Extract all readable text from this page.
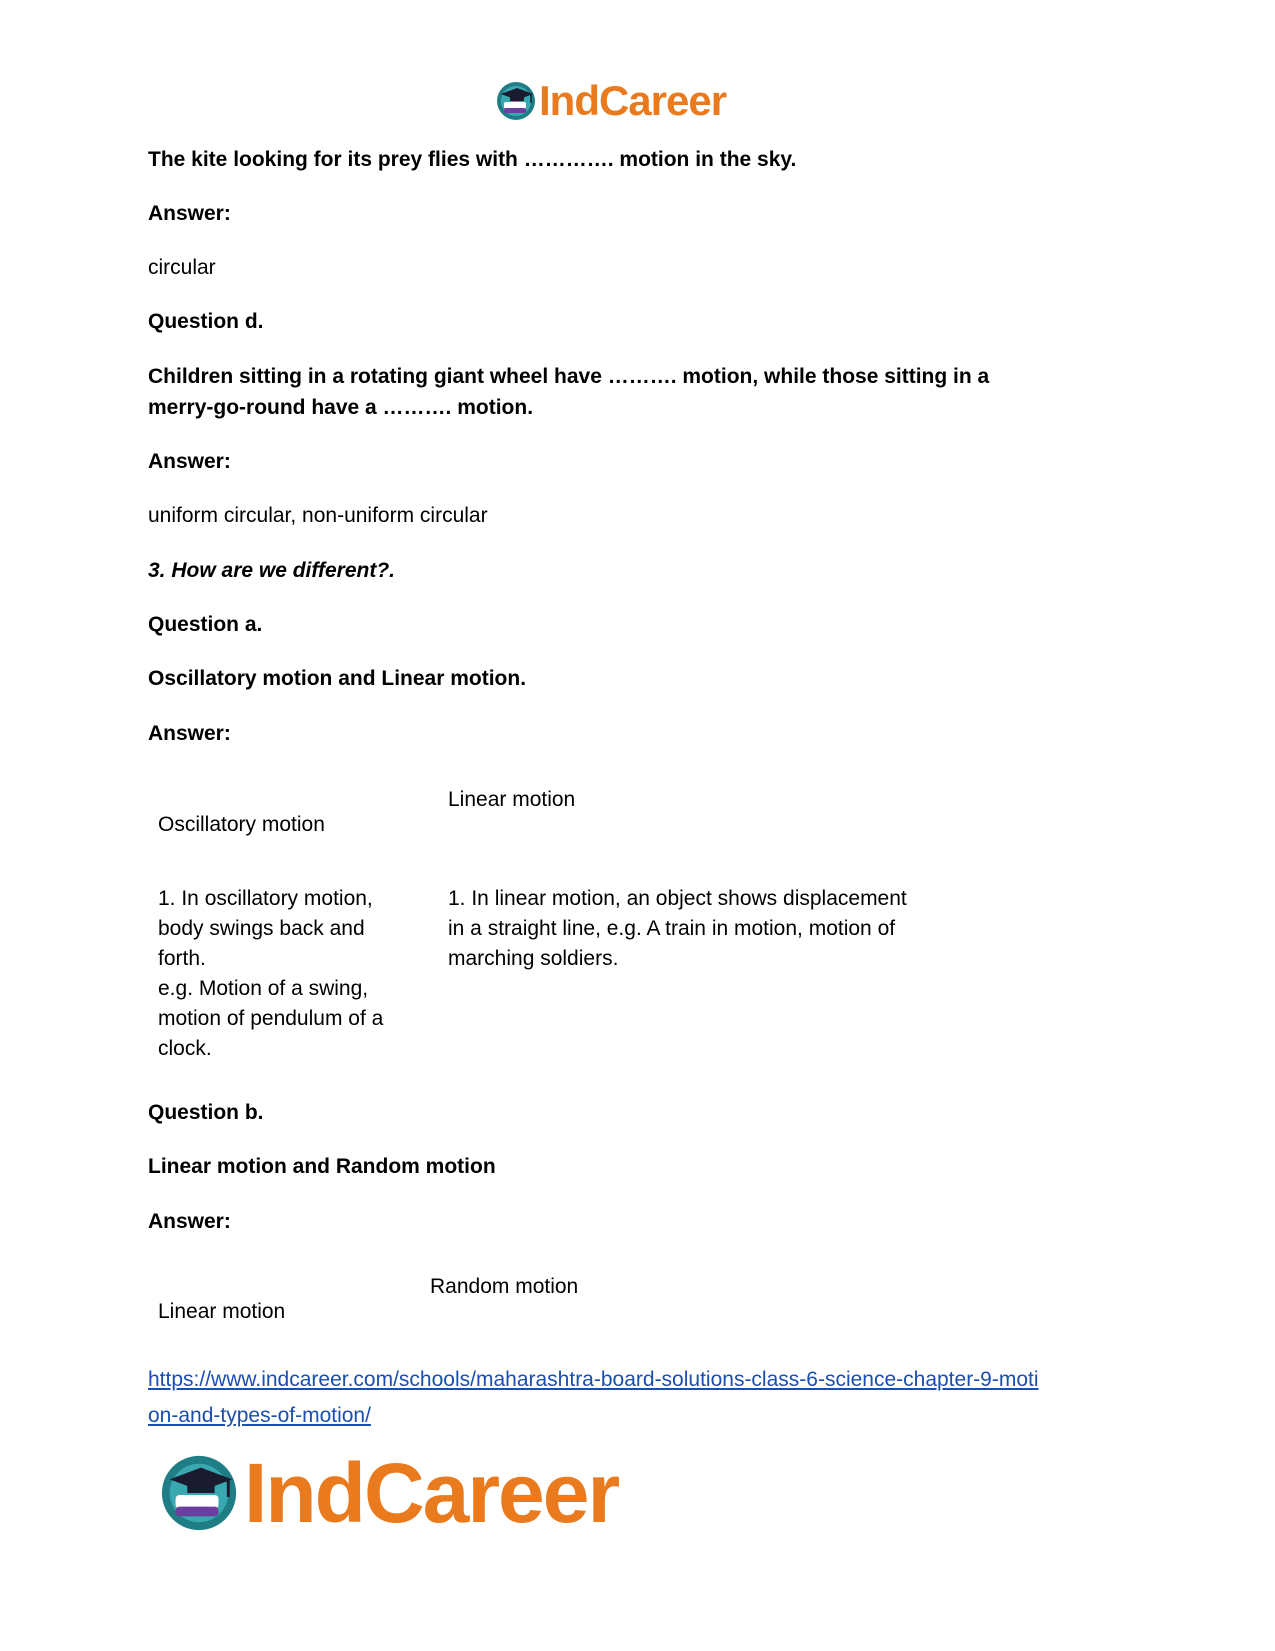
IndCareer
The kite looking for its prey flies with …………. motion in the sky.
Answer:
circular
Question d.
Children sitting in a rotating giant wheel have ………. motion, while those sitting in a
merry-go-round have a ………. motion.
Answer:
uniform circular, non-uniform circular
3. How are we different?.
Question a.
Oscillatory motion and Linear motion.
Answer:
Oscillatory motion
Linear motion
1. In oscillatory motion,
body swings back and
forth.
e.g. Motion of a swing,
motion of pendulum of a
clock.
1. In linear motion, an object shows displacement
in a straight line, e.g. A train in motion, motion of
marching soldiers.
Question b.
Linear motion and Random motion
Answer:
Linear motion
Random motion
https://www.indcareer.com/schools/maharashtra-board-solutions-class-6-science-chapter-9-moti
on-and-types-of-motion/
IndCareer
